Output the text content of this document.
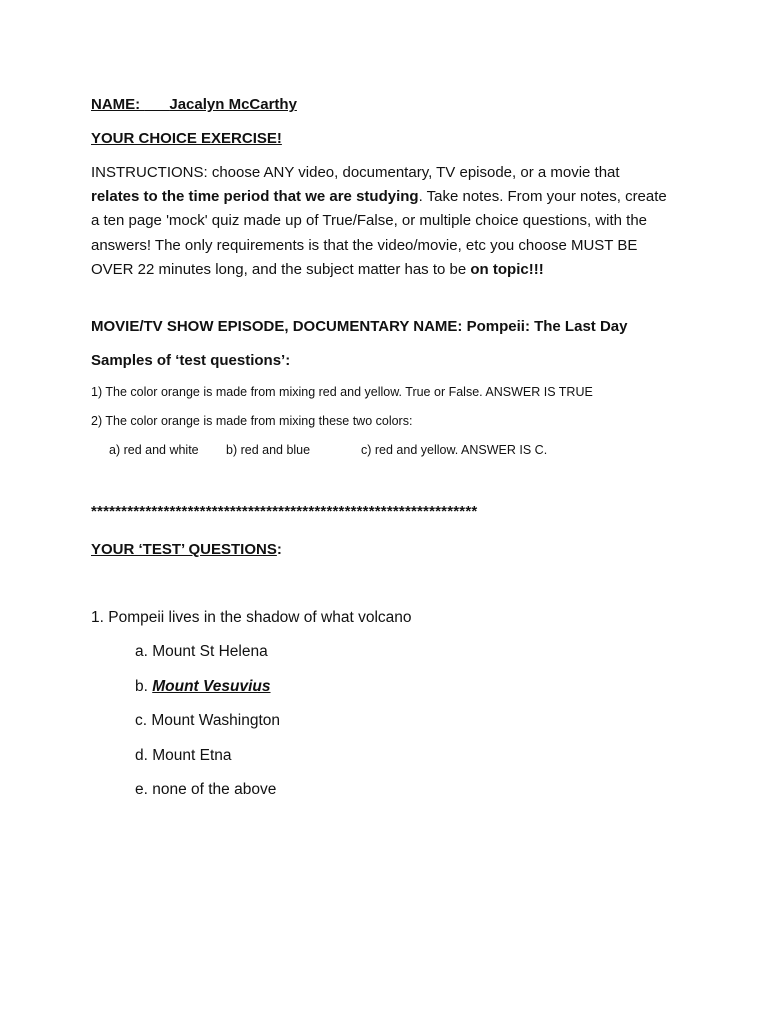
NAME: ___Jacalyn McCarthy
YOUR CHOICE EXERCISE!
INSTRUCTIONS: choose ANY video, documentary, TV episode, or a movie that relates to the time period that we are studying. Take notes. From your notes, create a ten page 'mock' quiz made up of True/False, or multiple choice questions, with the answers! The only requirements is that the video/movie, etc you choose MUST BE OVER 22 minutes long, and the subject matter has to be on topic!!!
MOVIE/TV SHOW EPISODE, DOCUMENTARY NAME: Pompeii: The Last Day
Samples of ‘test questions’:
1) The color orange is made from mixing red and yellow. True or False. ANSWER IS TRUE
2) The color orange is made from mixing these two colors:
a) red and white b) red and blue	c) red and yellow. ANSWER IS C.
****************************************************************
YOUR ‘TEST’ QUESTIONS:
1. Pompeii lives in the shadow of what volcano
a. Mount St Helena
b. Mount Vesuvius
c. Mount Washington
d. Mount Etna
e. none of the above
